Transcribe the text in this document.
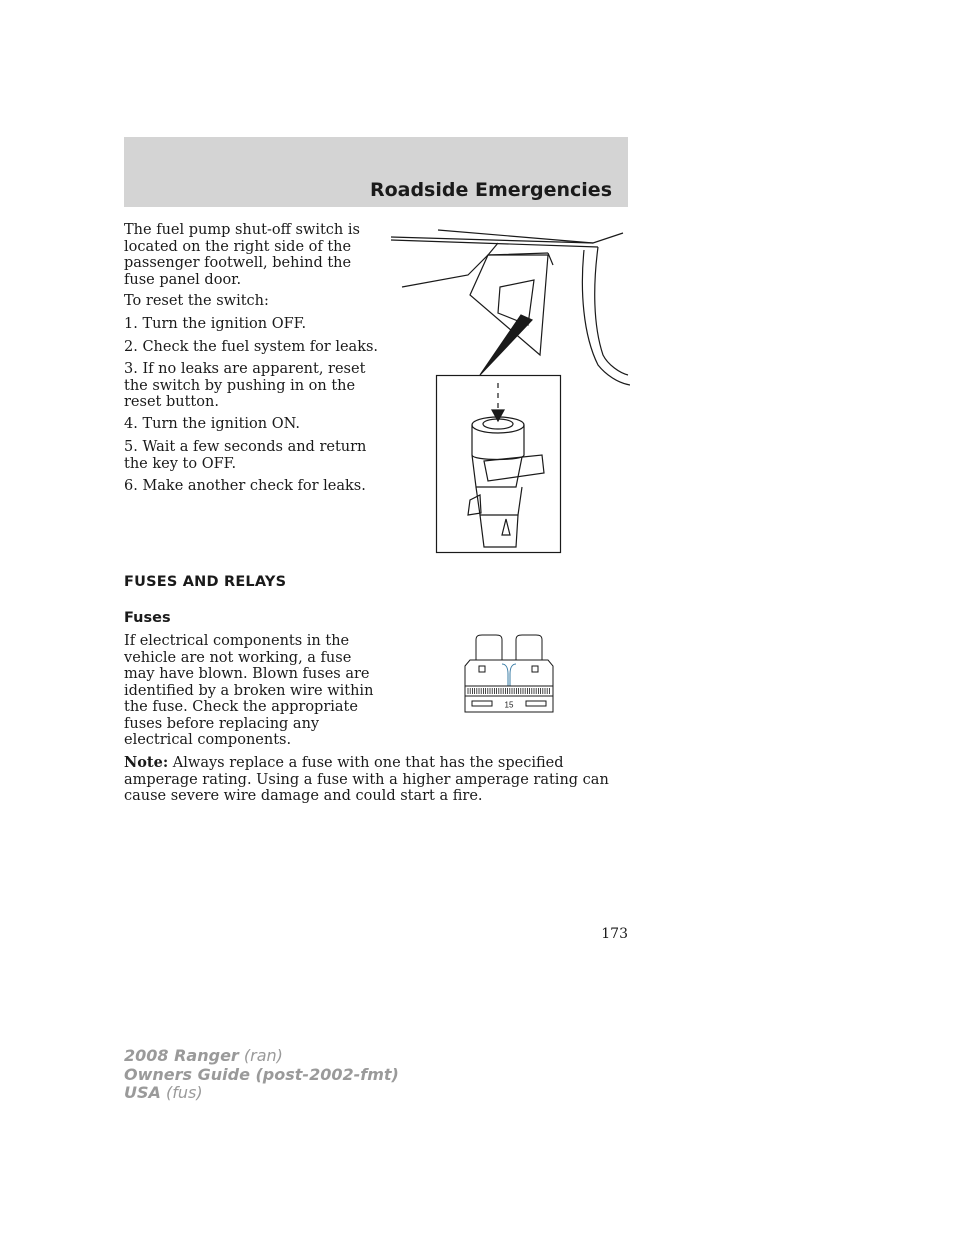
Roadside Emergencies

The fuel pump shut-off switch is located on the right side of the passenger footwell, behind the fuse panel door.

To reset the switch:

1. Turn the ignition OFF.

2. Check the fuel system for leaks.

3. If no leaks are apparent, reset the switch by pushing in on the reset button.

4. Turn the ignition ON.

5. Wait a few seconds and return the key to OFF.

6. Make another check for leaks.

FUSES AND RELAYS
Fuses

If electrical components in the vehicle are not working, a fuse may have blown. Blown fuses are identified by a broken wire within the fuse. Check the appropriate fuses before replacing any electrical components.

15

Note: Always replace a fuse with one that has the specified amperage rating. Using a fuse with a higher amperage rating can cause severe wire damage and could start a fire.

173
2008 Ranger (ran)
Owners Guide (post-2002-fmt)
USA (fus)
